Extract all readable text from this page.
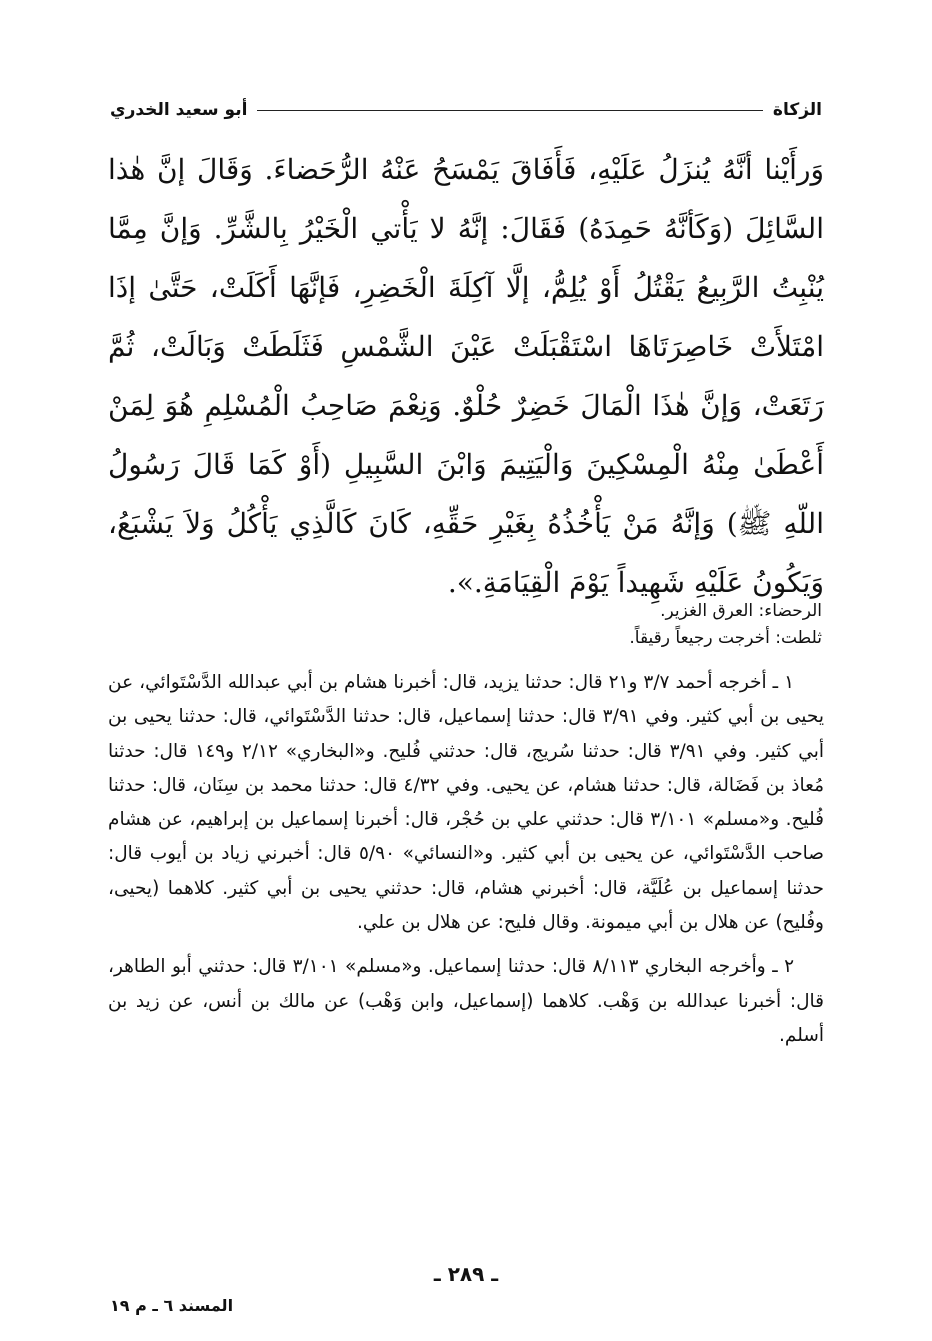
الزكاة
أبو سعيد الخدري

وَرأَيْنا أنَّهُ يُنزَلُ عَلَيْهِ، فَأَفَاقَ يَمْسَحُ عَنْهُ الرُّحَضاءَ. وَقَالَ إنَّ هٰذا السَّائِلَ (وَكَأنَّهُ حَمِدَهُ) فَقَالَ: إنَّهُ لا يَأْتي الْخَيْرُ بِالشَّرِّ. وَإنَّ مِمَّا يُنْبِتُ الرَّبِيعُ يَقْتُلُ أَوْ يُلِمُّ، إلَّا آكِلَةَ الْخَضِرِ، فَإنَّهَا أَكَلَتْ، حَتَّىٰ إذَا امْتَلأَتْ خَاصِرَتَاهَا اسْتَقْبَلَتْ عَيْنَ الشَّمْسِ فَثَلَطَتْ وَبَالَتْ، ثُمَّ رَتَعَتْ، وَإنَّ هٰذَا الْمَالَ خَضِرٌ حُلْوٌ. وَنِعْمَ صَاحِبُ الْمُسْلِمِ هُوَ لِمَنْ أَعْطَىٰ مِنْهُ الْمِسْكِينَ وَالْيَتِيمَ وَابْنَ السَّبِيلِ (أَوْ كَمَا قَالَ رَسُولُ اللّهِ ﷺ) وَإنَّهُ مَنْ يَأْخُذُهُ بِغَيْرِ حَقِّهِ، كَانَ كَالَّذِي يَأْكُلُ وَلاَ يَشْبَعُ، وَيَكُونُ عَلَيْهِ شَهِيداً يَوْمَ الْقِيَامَةِ.».

الرحضاء: العرق الغزير.
ثلطت: أخرجت رجيعاً رقيقاً.

١ ـ أخرجه أحمد ٣/٧ و٢١ قال: حدثنا يزيد، قال: أخبرنا هشام بن أبي عبدالله الدَّسْتَوائي، عن يحيى بن أبي كثير. وفي ٣/٩١ قال: حدثنا إسماعيل، قال: حدثنا الدَّسْتَوائي، قال: حدثنا يحيى بن أبي كثير. وفي ٣/٩١ قال: حدثنا سُريج، قال: حدثني فُليح. و«البخاري» ٢/١٢ و١٤٩ قال: حدثنا مُعاذ بن فَضَالة، قال: حدثنا هشام، عن يحيى. وفي ٤/٣٢ قال: حدثنا محمد بن سِنَان، قال: حدثنا فُليح. و«مسلم» ٣/١٠١ قال: حدثني علي بن حُجْر، قال: أخبرنا إسماعيل بن إبراهيم، عن هشام صاحب الدَّسْتَوائي، عن يحيى بن أبي كثير. و«النسائي» ٥/٩٠ قال: أخبرني زياد بن أيوب قال: حدثنا إسماعيل بن عُلَيَّة، قال: أخبرني هشام، قال: حدثني يحيى بن أبي كثير. كلاهما (يحيى، وفُليح) عن هلال بن أبي ميمونة. وقال فليح: عن هلال بن علي.

٢ ـ وأخرجه البخاري ٨/١١٣ قال: حدثنا إسماعيل. و«مسلم» ٣/١٠١ قال: حدثني أبو الطاهر، قال: أخبرنا عبدالله بن وَهْب. كلاهما (إسماعيل، وابن وَهْب) عن مالك بن أنس، عن زيد بن أسلم.

ـ ٢٨٩ ـ
المسند ٦ ـ م ١٩
